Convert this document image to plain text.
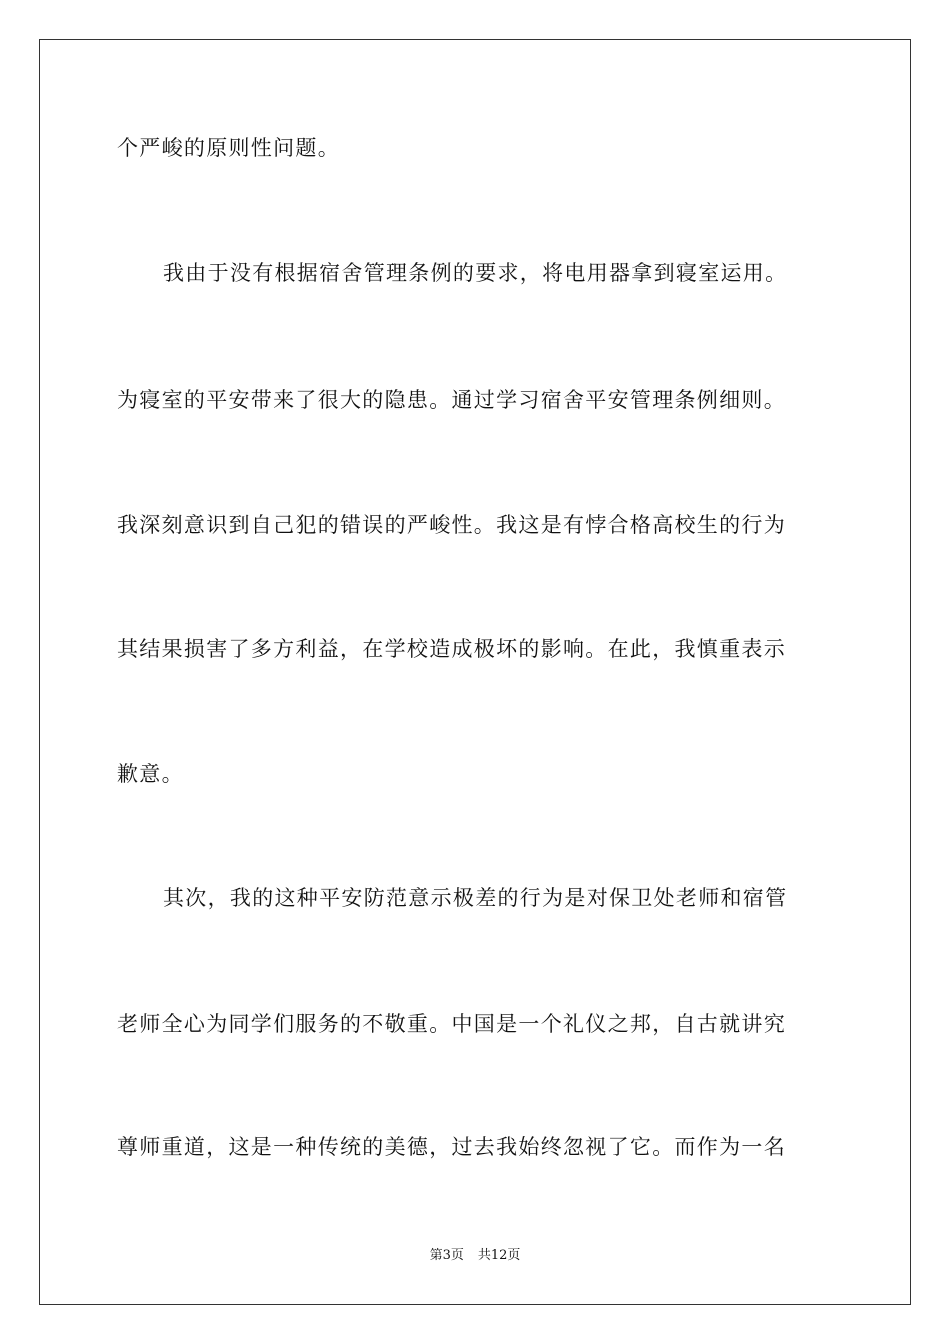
个严峻的原则性问题。
我由于没有根据宿舍管理条例的要求，将电用器拿到寝室运用。
为寝室的平安带来了很大的隐患。通过学习宿舍平安管理条例细则。
我深刻意识到自己犯的错误的严峻性。我这是有悖合格高校生的行为
其结果损害了多方利益，在学校造成极坏的影响。在此，我慎重表示
歉意。
其次，我的这种平安防范意示极差的行为是对保卫处老师和宿管
老师全心为同学们服务的不敬重。中国是一个礼仪之邦，自古就讲究
尊师重道，这是一种传统的美德，过去我始终忽视了它。而作为一名
第3页 共12页
